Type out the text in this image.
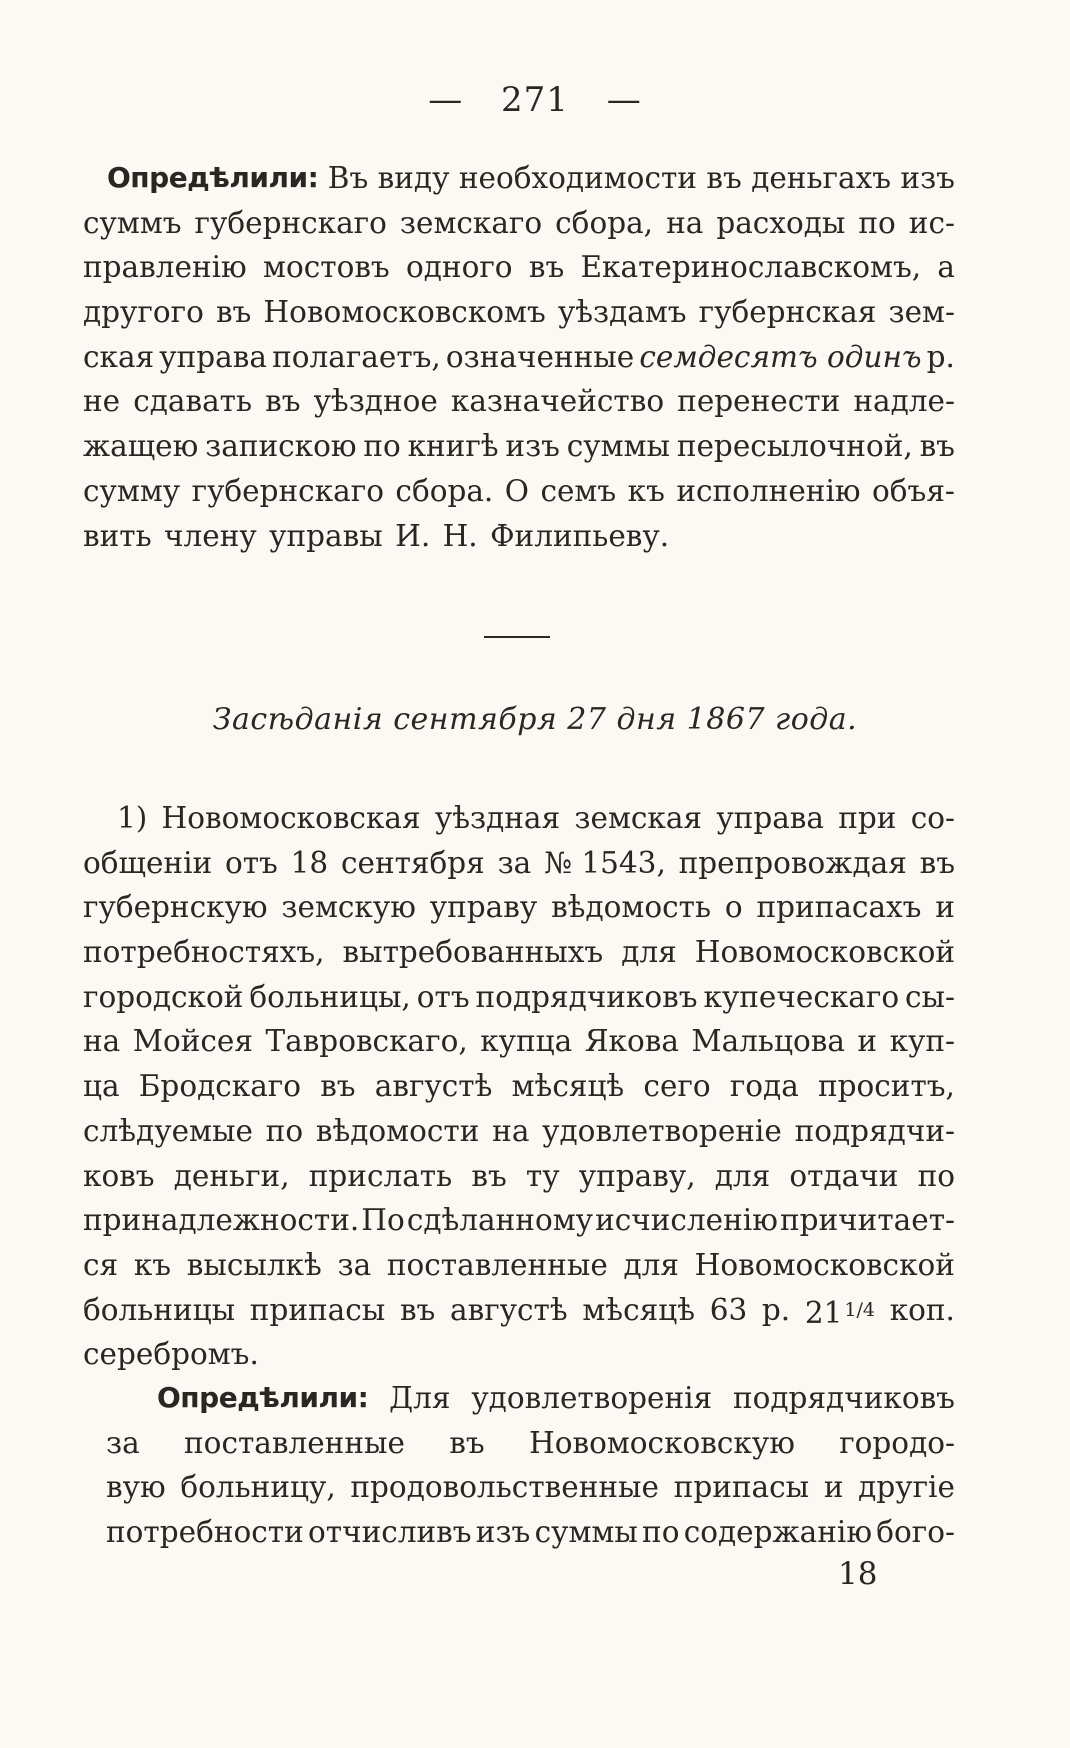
— 271 —
Опредѣлили: Въ виду необходимости въ деньгахъ изъ
суммъ губернскаго земскаго сбора, на расходы по ис-
правленію мостовъ одного въ Екатеринославскомъ, а
другого въ Новомосковскомъ уѣздамъ губернская зем-
ская управа полагаетъ, означенные семдесятъ одинъ р.
не сдавать въ уѣздное казначейство перенести надле-
жащею запискою по книгѣ изъ суммы пересылочной, въ
сумму губернскаго сбора. О семъ къ исполненію объя-
вить члену управы И. Н. Филипьеву.
Засѣданія сентября 27 дня 1867 года.
1) Новомосковская уѣздная земская управа при со-
общеніи отъ 18 сентября за № 1543, препровождая въ
губернскую земскую управу вѣдомость о припасахъ и
потребностяхъ, вытребованныхъ для Новомосковской
городской больницы, отъ подрядчиковъ купеческаго сы-
на Мойсея Тавровскаго, купца Якова Мальцова и куп-
ца Бродскаго въ августѣ мѣсяцѣ сего года проситъ,
слѣдуемые по вѣдомости на удовлетвореніе подрядчи-
ковъ деньги, прислать въ ту управу, для отдачи по
принадлежности. По сдѣланному исчисленію причитает-
ся къ высылкѣ за поставленные для Новомосковской
больницы припасы въ августѣ мѣсяцѣ 63 р. 21 $^{1/4}$ коп.
серебромъ.
Опредѣлили: Для удовлетворенія подрядчиковъ
за поставленные въ Новомосковскую городо-
вую больницу, продовольственные припасы и другіе
потребности отчисливъ изъ суммы по содержанію бого-
18
